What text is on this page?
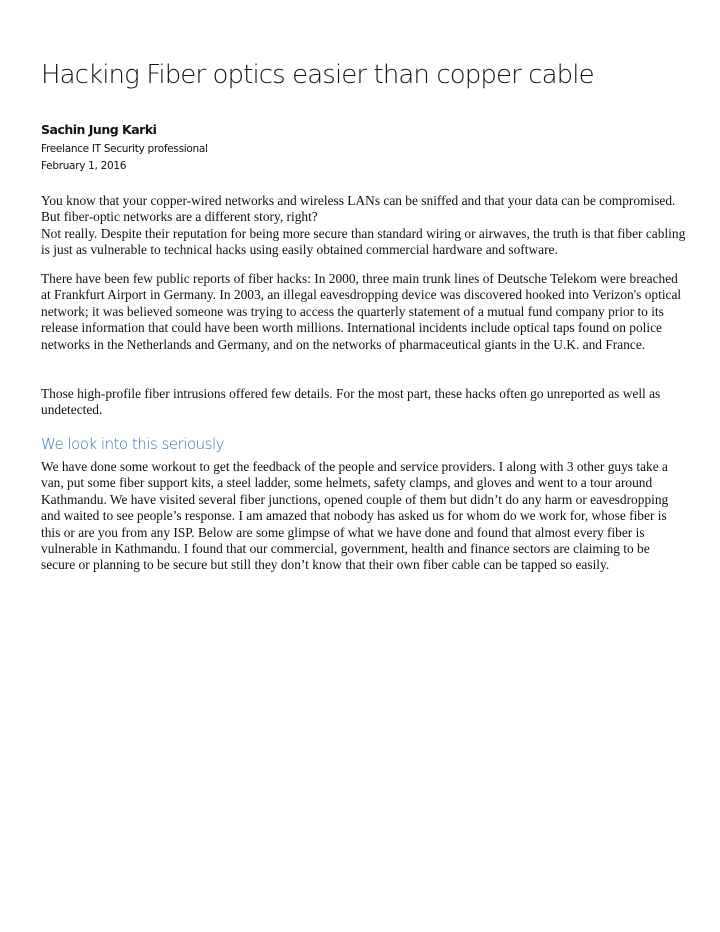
Hacking Fiber optics easier than copper cable
Sachin Jung Karki
Freelance IT Security professional
February 1, 2016

You know that your copper-wired networks and wireless LANs can be sniffed and that your data can be compromised. But fiber-optic networks are a different story, right?

Not really. Despite their reputation for being more secure than standard wiring or airwaves, the truth is that fiber cabling is just as vulnerable to technical hacks using easily obtained commercial hardware and software.

There have been few public reports of fiber hacks: In 2000, three main trunk lines of Deutsche Telekom were breached at Frankfurt Airport in Germany. In 2003, an illegal eavesdropping device was discovered hooked into Verizon's optical network; it was believed someone was trying to access the quarterly statement of a mutual fund company prior to its release information that could have been worth millions. International incidents include optical taps found on police networks in the Netherlands and Germany, and on the networks of pharmaceutical giants in the U.K. and France.

Those high-profile fiber intrusions offered few details. For the most part, these hacks often go unreported as well as undetected.

We look into this seriously

We have done some workout to get the feedback of the people and service providers. I along with 3 other guys take a van, put some fiber support kits, a steel ladder, some helmets, safety clamps, and gloves and went to a tour around Kathmandu. We have visited several fiber junctions, opened couple of them but didn’t do any harm or eavesdropping and waited to see people’s response. I am amazed that nobody has asked us for whom do we work for, whose fiber is this or are you from any ISP. Below are some glimpse of what we have done and found that almost every fiber is vulnerable in Kathmandu. I found that our commercial, government, health and finance sectors are claiming to be secure or planning to be secure but still they don’t know that their own fiber cable can be tapped so easily.
